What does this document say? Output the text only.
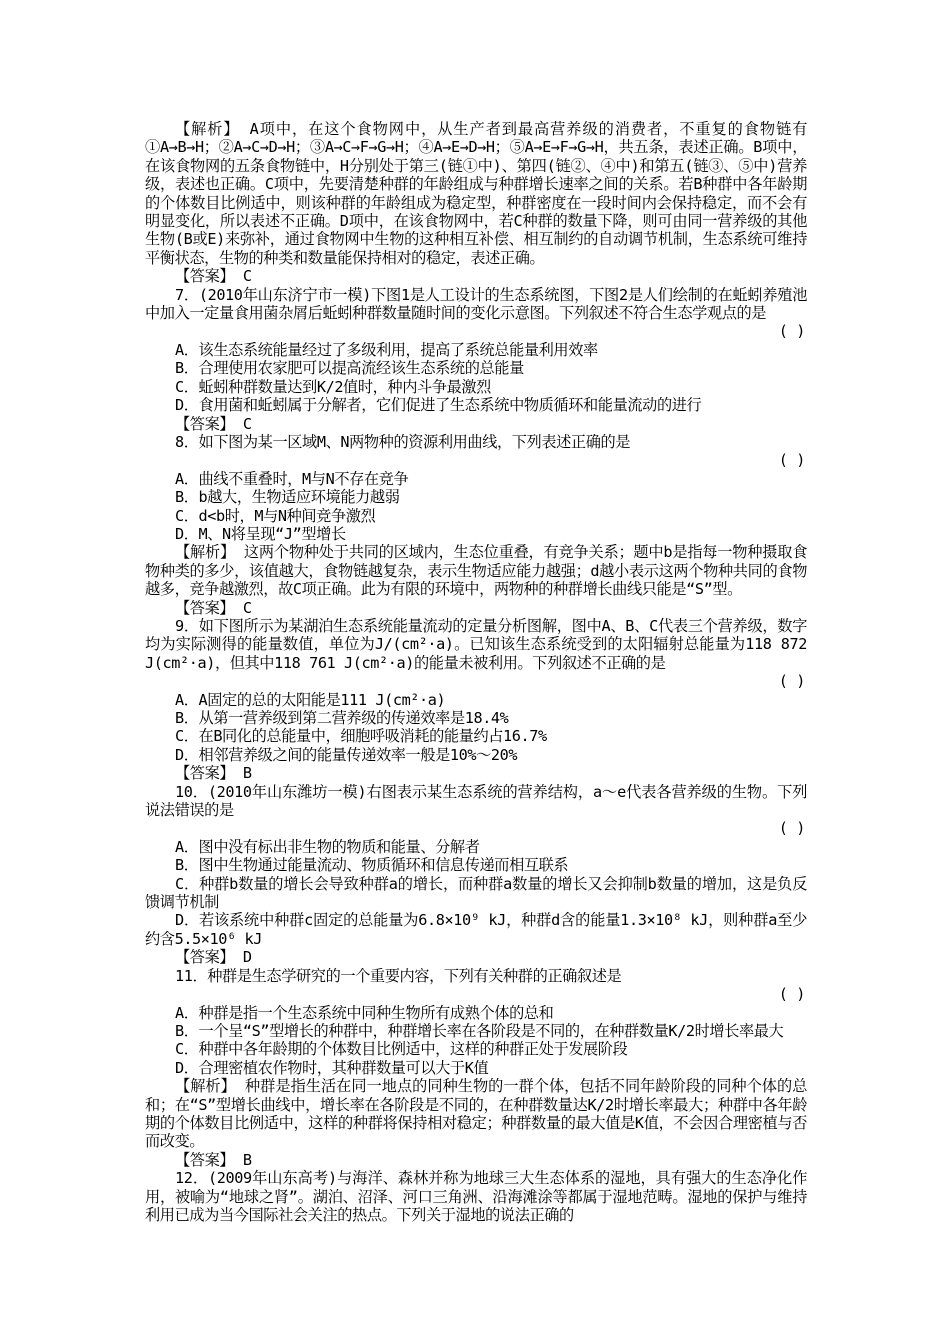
【解析】 A项中，在这个食物网中，从生产者到最高营养级的消费者，不重复的食物链有①A→B→H；②A→C→D→H；③A→C→F→G→H；④A→E→D→H；⑤A→E→F→G→H，共五条，表述正确。B项中，在该食物网的五条食物链中，H分别处于第三(链①中)、第四(链②、④中)和第五(链③、⑤中)营养级，表述也正确。C项中，先要清楚种群的年龄组成与种群增长速率之间的关系。若B种群中各年龄期的个体数目比例适中，则该种群的年龄组成为稳定型，种群密度在一段时间内会保持稳定，而不会有明显变化，所以表述不正确。D项中，在该食物网中，若C种群的数量下降，则可由同一营养级的其他生物(B或E)来弥补，通过食物网中生物的这种相互补偿、相互制约的自动调节机制，生态系统可维持平衡状态，生物的种类和数量能保持相对的稳定，表述正确。

【答案】 C

7．(2010年山东济宁市一模)下图1是人工设计的生态系统图，下图2是人们绘制的在蚯蚓养殖池中加入一定量食用菌杂屑后蚯蚓种群数量随时间的变化示意图。下列叙述不符合生态学观点的是

( )

A．该生态系统能量经过了多级利用，提高了系统总能量利用效率

B．合理使用农家肥可以提高流经该生态系统的总能量

C．蚯蚓种群数量达到K/2值时，种内斗争最激烈

D．食用菌和蚯蚓属于分解者，它们促进了生态系统中物质循环和能量流动的进行

【答案】 C

8．如下图为某一区域M、N两物种的资源利用曲线，下列表述正确的是

( )

A．曲线不重叠时，M与N不存在竞争

B．b越大，生物适应环境能力越弱

C．d<b时，M与N种间竞争激烈

D．M、N将呈现“J”型增长

【解析】 这两个物种处于共同的区域内，生态位重叠，有竞争关系；题中b是指每一物种摄取食物种类的多少，该值越大，食物链越复杂，表示生物适应能力越强；d越小表示这两个物种共同的食物越多，竞争越激烈，故C项正确。此为有限的环境中，两物种的种群增长曲线只能是“S”型。

【答案】 C

9．如下图所示为某湖泊生态系统能量流动的定量分析图解，图中A、B、C代表三个营养级，数字均为实际测得的能量数值，单位为J/(cm²·a)。已知该生态系统受到的太阳辐射总能量为118 872 J(cm²·a)，但其中118 761 J(cm²·a)的能量未被利用。下列叙述不正确的是

( )

A．A固定的总的太阳能是111 J(cm²·a)

B．从第一营养级到第二营养级的传递效率是18.4%

C．在B同化的总能量中，细胞呼吸消耗的能量约占16.7%

D．相邻营养级之间的能量传递效率一般是10%～20%

【答案】 B

10．(2010年山东潍坊一模)右图表示某生态系统的营养结构，a～e代表各营养级的生物。下列说法错误的是

( )

A．图中没有标出非生物的物质和能量、分解者

B．图中生物通过能量流动、物质循环和信息传递而相互联系

C．种群b数量的增长会导致种群a的增长，而种群a数量的增长又会抑制b数量的增加，这是负反馈调节机制

D．若该系统中种群c固定的总能量为6.8×10⁹ kJ，种群d含的能量1.3×10⁸ kJ，则种群a至少约含5.5×10⁶ kJ

【答案】 D

11．种群是生态学研究的一个重要内容，下列有关种群的正确叙述是

( )

A．种群是指一个生态系统中同种生物所有成熟个体的总和

B．一个呈“S”型增长的种群中，种群增长率在各阶段是不同的，在种群数量K/2时增长率最大

C．种群中各年龄期的个体数目比例适中，这样的种群正处于发展阶段

D．合理密植农作物时，其种群数量可以大于K值

【解析】 种群是指生活在同一地点的同种生物的一群个体，包括不同年龄阶段的同种个体的总和；在“S”型增长曲线中，增长率在各阶段是不同的，在种群数量达K/2时增长率最大；种群中各年龄期的个体数目比例适中，这样的种群将保持相对稳定；种群数量的最大值是K值，不会因合理密植与否而改变。

【答案】 B

12．(2009年山东高考)与海洋、森林并称为地球三大生态体系的湿地，具有强大的生态净化作用，被喻为“地球之肾”。湖泊、沼泽、河口三角洲、沿海滩涂等都属于湿地范畴。湿地的保护与维持利用已成为当今国际社会关注的热点。下列关于湿地的说法正确的
